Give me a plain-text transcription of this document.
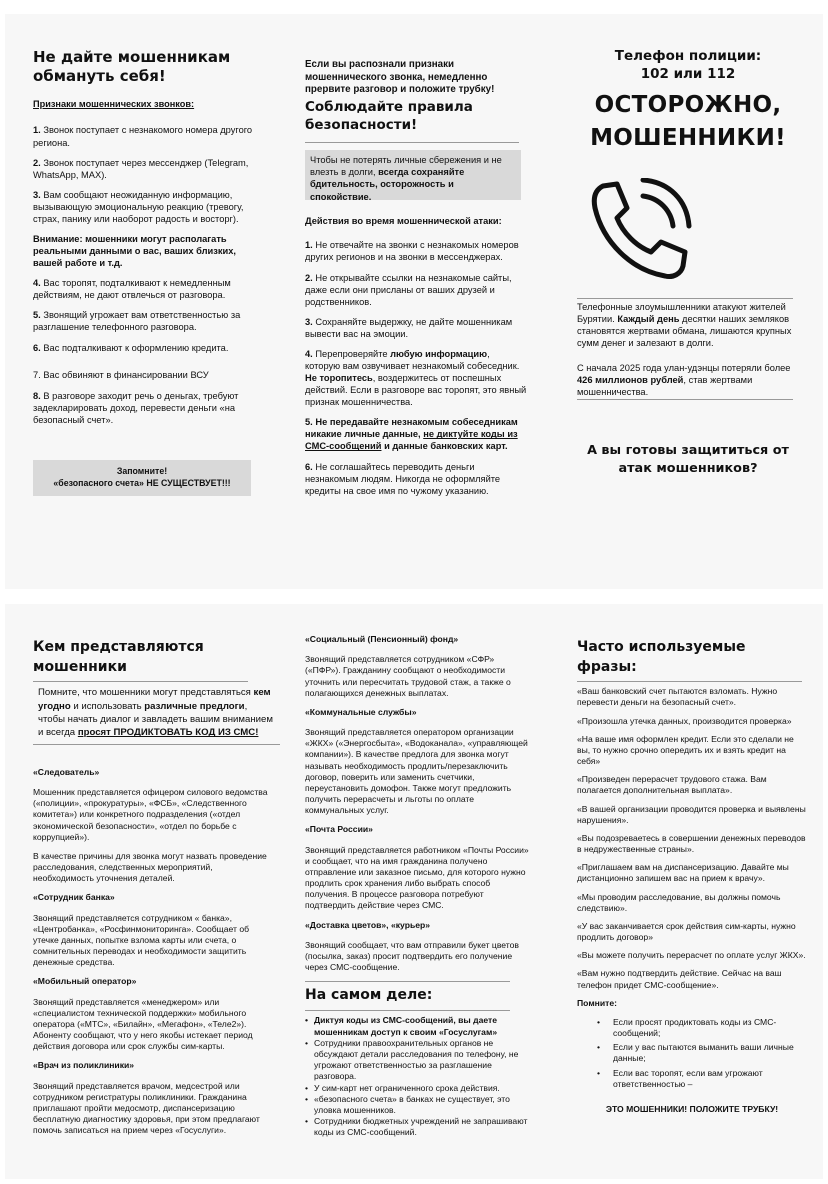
Не дайте мошенникам обмануть себя!
Признаки мошеннических звонков:

1. Звонок поступает с незнакомого номера другого региона.

2. Звонок поступает через мессенджер (Telegram, WhatsApp, MAX).

3. Вам сообщают неожиданную информацию, вызывающую эмоциональную реакцию (тревогу, страх, панику или наоборот радость и восторг).

Внимание: мошенники могут располагать реальными данными о вас, ваших близких, вашей работе и т.д.

4. Вас торопят, подталкивают к немедленным действиям, не дают отвлечься от разговора.

5. Звонящий угрожает вам ответственностью за разглашение телефонного разговора.

6. Вас подталкивают к оформлению кредита.

7. Вас обвиняют в финансировании ВСУ

8. В разговоре заходит речь о деньгах, требуют задекларировать доход, перевести деньги «на безопасный счет».

Запомните!
«безопасного счета» НЕ СУЩЕСТВУЕТ!!!
Если вы распознали признаки мошеннического звонка, немедленно прервите разговор и положите трубку!
Соблюдайте правила безопасности!
Чтобы не потерять личные сбережения и не влезть в долги, всегда сохраняйте бдительность, осторожность и спокойствие.
Действия во время мошеннической атаки:

1. Не отвечайте на звонки с незнакомых номеров других регионов и на звонки в мессенджерах.

2. Не открывайте ссылки на незнакомые сайты, даже если они присланы от ваших друзей и родственников.

3. Сохраняйте выдержку, не дайте мошенникам вывести вас на эмоции.

4. Перепроверяйте любую информацию, которую вам озвучивает незнакомый собеседник. Не торопитесь, воздержитесь от поспешных действий. Если в разговоре вас торопят, это явный признак мошенничества.

5. Не передавайте незнакомым собеседникам никакие личные данные, не диктуйте коды из СМС-сообщений и данные банковских карт.

6. Не соглашайтесь переводить деньги незнакомым людям. Никогда не оформляйте кредиты на свое имя по чужому указанию.

Телефон полиции: 102 или 112
ОСТОРОЖНО, МОШЕННИКИ!

Телефонные злоумышленники атакуют жителей Бурятии. Каждый день десятки наших земляков становятся жертвами обмана, лишаются крупных сумм денег и залезают в долги.

С начала 2025 года улан-удэнцы потеряли более 426 миллионов рублей, став жертвами мошенничества.

А вы готовы защититься от атак мошенников?
Кем представляются мошенники
Помните, что мошенники могут представляться кем угодно и использовать различные предлоги, чтобы начать диалог и завладеть вашим вниманием и всегда просят ПРОДИКТОВАТЬ КОД ИЗ СМС!
«Следователь»

Мошенник представляется офицером силового ведомства («полиции», «прокуратуры», «ФСБ», «Следственного комитета») или конкретного подразделения («отдел экономической безопасности», «отдел по борьбе с коррупцией»).

В качестве причины для звонка могут назвать проведение расследования, следственных мероприятий, необходимость уточнения деталей.

«Сотрудник банка»

Звонящий представляется сотрудником « банка», «Центробанка», «Росфинмониторинга». Сообщает об утечке данных, попытке взлома карты или счета, о сомнительных переводах и необходимости защитить денежные средства.

«Мобильный оператор»

Звонящий представляется «менеджером» или «специалистом технической поддержки» мобильного оператора («МТС», «Билайн», «Мегафон», «Теле2»). Абоненту сообщают, что у него якобы истекает период действия договора или срок службы сим-карты.

«Врач из поликлиники»

Звонящий представляется врачом, медсестрой или сотрудником регистратуры поликлиники. Гражданина приглашают пройти медосмотр, диспансеризацию бесплатную диагностику здоровья, при этом предлагают помочь записаться на прием через «Госуслуги».

«Социальный (Пенсионный) фонд»

Звонящий представляется сотрудником «СФР» («ПФР»). Гражданину сообщают о необходимости уточнить или пересчитать трудовой стаж, а также о полагающихся денежных выплатах.

«Коммунальные службы»

Звонящий представляется оператором организации «ЖКХ» («Энергосбыта», «Водоканала», «управляющей компании»). В качестве предлога для звонка могут называть необходимость продлить/перезаключить договор, поверить или заменить счетчики, переустановить домофон. Также могут предложить получить перерасчеты и льготы по оплате коммунальных услуг.

«Почта России»

Звонящий представляется работником «Почты России» и сообщает, что на имя гражданина получено отправление или заказное письмо, для которого нужно продлить срок хранения либо выбрать способ получения. В процессе разговора потребуют подтвердить действие через СМС.

«Доставка цветов», «курьер»

Звонящий сообщает, что вам отправили букет цветов (посылка, заказ) просит подтвердить его получение через СМС-сообщение.

На самом деле:
• Диктуя коды из СМС-сообщений, вы даете мошенникам доступ к своим «Госуслугам»
• Сотрудники правоохранительных органов не обсуждают детали расследования по телефону, не угрожают ответственностью за разглашение разговора.
• У сим-карт нет ограниченного срока действия.
• «безопасного счета» в банках не существует, это уловка мошенников.
• Сотрудники бюджетных учреждений не запрашивают коды из СМС-сообщений.
Часто используемые фразы:
«Ваш банковский счет пытаются взломать. Нужно перевести деньги на безопасный счет».
«Произошла утечка данных, производится проверка»
«На ваше имя оформлен кредит. Если это сделали не вы, то нужно срочно опередить их и взять кредит на себя»
«Произведен перерасчет трудового стажа. Вам полагается дополнительная выплата».
«В вашей организации проводится проверка и выявлены нарушения».
«Вы подозреваетесь в совершении денежных переводов в недружественные страны».
«Приглашаем вам на диспансеризацию. Давайте мы дистанционно запишем вас на прием к врачу».
«Мы проводим расследование, вы должны помочь следствию».
«У вас заканчивается срок действия сим-карты, нужно продлить договор»
«Вы можете получить перерасчет по оплате услуг ЖКХ».
«Вам нужно подтвердить действие. Сейчас на ваш телефон придет СМС-сообщение».
Помните:
• Если просят продиктовать коды из СМС-сообщений;
• Если у вас пытаются выманить ваши личные данные;
• Если вас торопят, если вам угрожают ответственностью –
ЭТО МОШЕННИКИ! ПОЛОЖИТЕ ТРУБКУ!
